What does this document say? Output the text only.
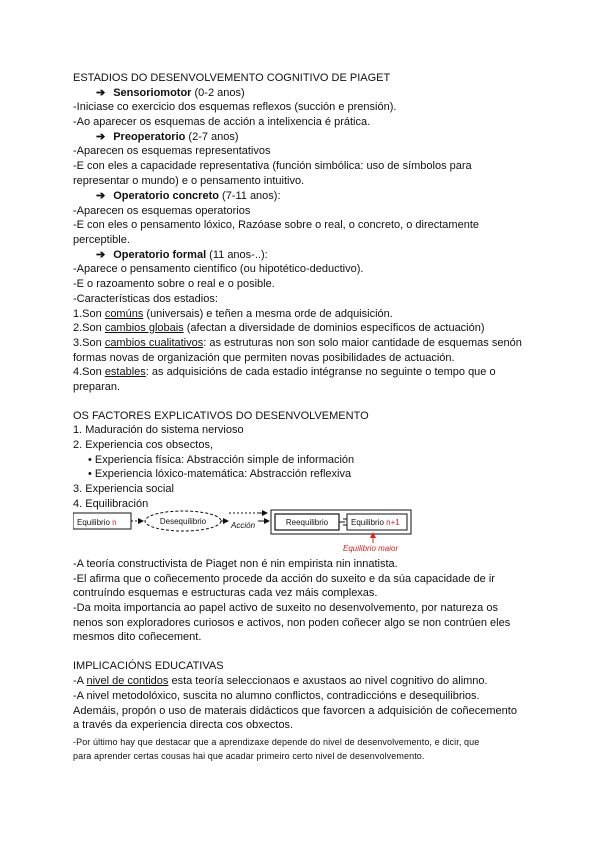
ESTADIOS DO DESENVOLVEMENTO COGNITIVO DE PIAGET
➔ Sensoriomotor (0-2 anos)
-Iniciase co exercicio dos esquemas reflexos (succión e prensión).
-Ao aparecer os esquemas de acción a intelixencia é prática.
➔ Preoperatorio (2-7 anos)
-Aparecen os esquemas representativos
-E con eles a capacidade representativa (función simbólica: uso de símbolos para
representar o mundo) e o pensamento intuitivo.
➔ Operatorio concreto (7-11 anos):
-Aparecen os esquemas operatorios
-E con eles o pensamento lóxico, Razóase sobre o real, o concreto, o directamente
perceptible.
➔ Operatorio formal (11 anos-..):
-Aparece o pensamento científico (ou hipotético-deductivo).
-E o razoamento sobre o real e o posible.
-Características dos estadios:
1.Son comúns (universais) e teñen a mesma orde de adquisición.
2.Son cambios globais (afectan a diversidade de dominios específicos de actuación)
3.Son cambios cualitativos: as estruturas non son solo maior cantidade de esquemas senón
formas novas de organización que permiten novas posibilidades de actuación.
4.Son estables: as adquisicións de cada estadio intégranse no seguinte o tempo que o
preparan.
OS FACTORES EXPLICATIVOS DO DESENVOLVEMENTO
1. Maduración do sistema nervioso
2. Experiencia cos obsectos,
• Experiencia física: Abstracción simple de información
• Experiencia lóxico-matemática: Abstracción reflexiva
3. Experiencia social
4. Equilibración
Equilibrio n	Desequilibrio	Acción	Reequilibrio	Equilibrio n+1
Equilibrio maior
-A teoría constructivista de Piaget non é nin empirista nin innatista.
-El afirma que o coñecemento procede da acción do suxeito e da súa capacidade de ir
contruíndo esquemas e estructuras cada vez máis complexas.
-Da moita importancia ao papel activo de suxeito no desenvolvemento, por natureza os
nenos son exploradores curiosos e activos, non poden coñecer algo se non contrúen eles
mesmos dito coñecement.
IMPLICACIÓNS EDUCATIVAS
-A nivel de contidos esta teoría seleccionaos e axustaos ao nivel cognitivo do alimno.
-A nivel metodolóxico, suscita no alumno conflictos, contradiccións e desequilibrios.
Ademáis, propón o uso de materais didácticos que favorcen a adquisición de coñecemento
a través da experiencia directa cos obxectos.
-Por último hay que destacar que a aprendizaxe depende do nivel de desenvolvemento, e dicir, que
para aprender certas cousas hai que acadar primeiro certo nivel de desenvolvemento.
